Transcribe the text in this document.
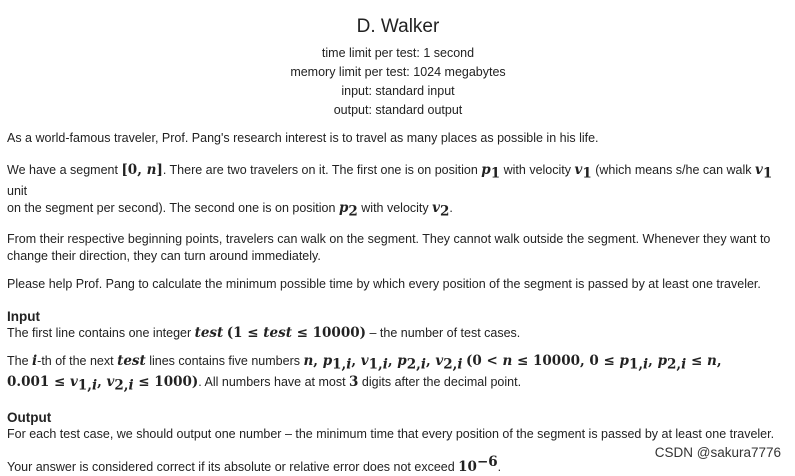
D. Walker
time limit per test: 1 second
memory limit per test: 1024 megabytes
input: standard input
output: standard output

As a world-famous traveler, Prof. Pang's research interest is to travel as many places as possible in his life.

We have a segment [0, n]. There are two travelers on it. The first one is on position $p_1$ with velocity $v_1$ (which means s/he can walk $v_1$ unit
on the segment per second). The second one is on position $p_2$ with velocity $v_2$.

From their respective beginning points, travelers can walk on the segment. They cannot walk outside the segment. Whenever they want to change their direction, they can turn around immediately.

Please help Prof. Pang to calculate the minimum possible time by which every position of the segment is passed by at least one traveler.

Input

The first line contains one integer test (1 ≤ test ≤ 10000) – the number of test cases.

The i-th of the next test lines contains five numbers n, $p_{1,i}$, $v_{1,i}$, $p_{2,i}$, $v_{2,i}$ (0 < n ≤ 10000, $0 \le p_{1,i}$, $p_{2,i} \le n$,
$0.001 \le v_{1,i}$, $v_{2,i} \le 1000$). All numbers have at most 3 digits after the decimal point.

Output

For each test case, we should output one number – the minimum time that every position of the segment is passed by at least one traveler.

Your answer is considered correct if its absolute or relative error does not exceed $10^{-6}$.

CSDN @sakura7776
